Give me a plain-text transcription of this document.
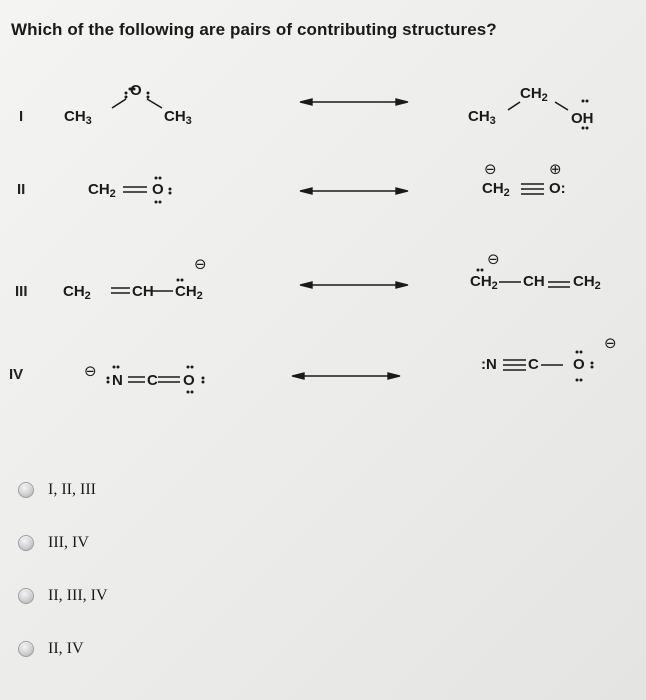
Which of the following are pairs of contributing structures?
I
II
III
IV
O
$CH_3$	$CH_3$
$CH_2$
$CH_3$	OH
$CH_2$ O
⊖	⊕
$CH_2$	O:
$CH_2$	CH $CH_2$
⊖	⊖
$CH_2$ CH $CH_2$
⊖
N C O
:N C O
⊖
I, II, III
III, IV
II, III, IV
II, IV
